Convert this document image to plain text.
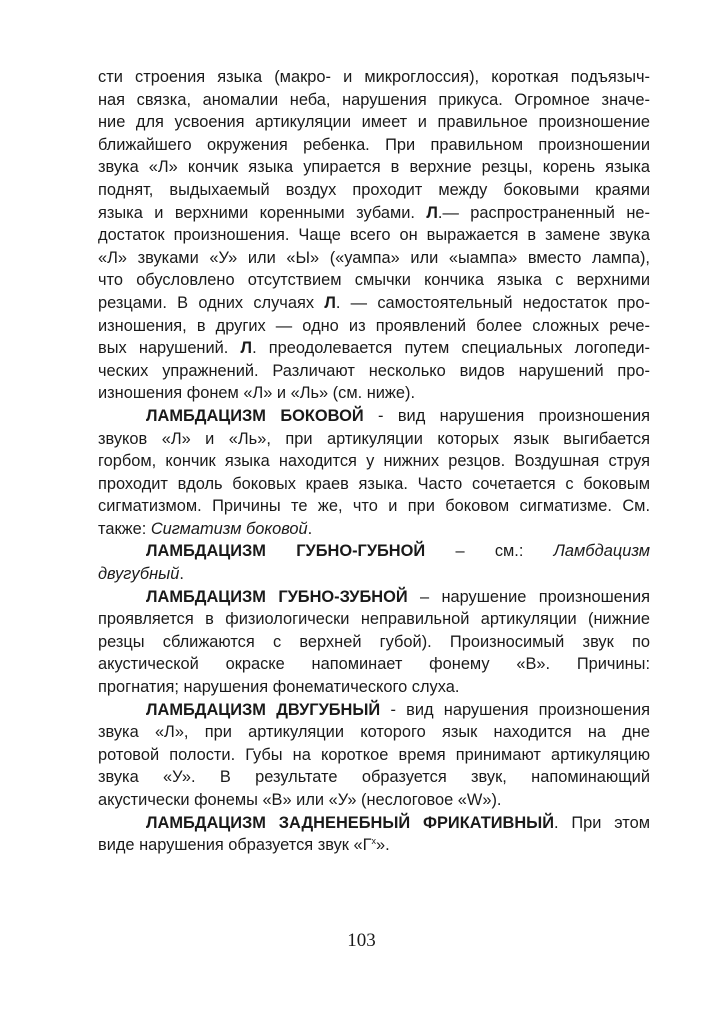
сти строения языка (макро- и микроглоссия), короткая подъязыч-
ная связка, аномалии неба, нарушения прикуса. Огромное значе-
ние для усвоения артикуляции имеет и правильное произношение
ближайшего окружения ребенка. При правильном произношении
звука «Л» кончик языка упирается в верхние резцы, корень языка
поднят, выдыхаемый воздух проходит между боковыми краями
языка и верхними коренными зубами. Л.— распространенный не-
достаток произношения. Чаще всего он выражается в замене звука
«Л» звуками «У» или «Ы» («уампа» или «ыампа» вместо лампа),
что обусловлено отсутствием смычки кончика языка с верхними
резцами. В одних случаях Л. — самостоятельный недостаток про-
изношения, в других — одно из проявлений более сложных рече-
вых нарушений. Л. преодолевается путем специальных логопеди-
ческих упражнений. Различают несколько видов нарушений про-
изношения фонем «Л» и «Ль» (см. ниже).
ЛАМБДАЦИЗМ БОКОВОЙ - вид нарушения произношения
звуков «Л» и «Ль», при артикуляции которых язык выгибается
горбом, кончик языка находится у нижних резцов. Воздушная струя
проходит вдоль боковых краев языка. Часто сочетается с боковым
сигматизмом. Причины те же, что и при боковом сигматизме. См.
также: Сигматизм боковой.
ЛАМБДАЦИЗМ ГУБНО-ГУБНОЙ – см.: Ламбдацизм
двугубный.
ЛАМБДАЦИЗМ ГУБНО-ЗУБНОЙ – нарушение произношения
проявляется в физиологически неправильной артикуляции (нижние
резцы сближаются с верхней губой). Произносимый звук по
акустической окраске напоминает фонему «В». Причины:
прогнатия; нарушения фонематического слуха.
ЛАМБДАЦИЗМ ДВУГУБНЫЙ - вид нарушения произношения
звука «Л», при артикуляции которого язык находится на дне
ротовой полости. Губы на короткое время принимают артикуляцию
звука «У». В результате образуется звук, напоминающий
акустически фонемы «В» или «У» (неслоговое «W»).
ЛАМБДАЦИЗМ ЗАДНЕНЕБНЫЙ ФРИКАТИВНЫЙ. При этом
виде нарушения образуется звук «$Г^х$».
103
